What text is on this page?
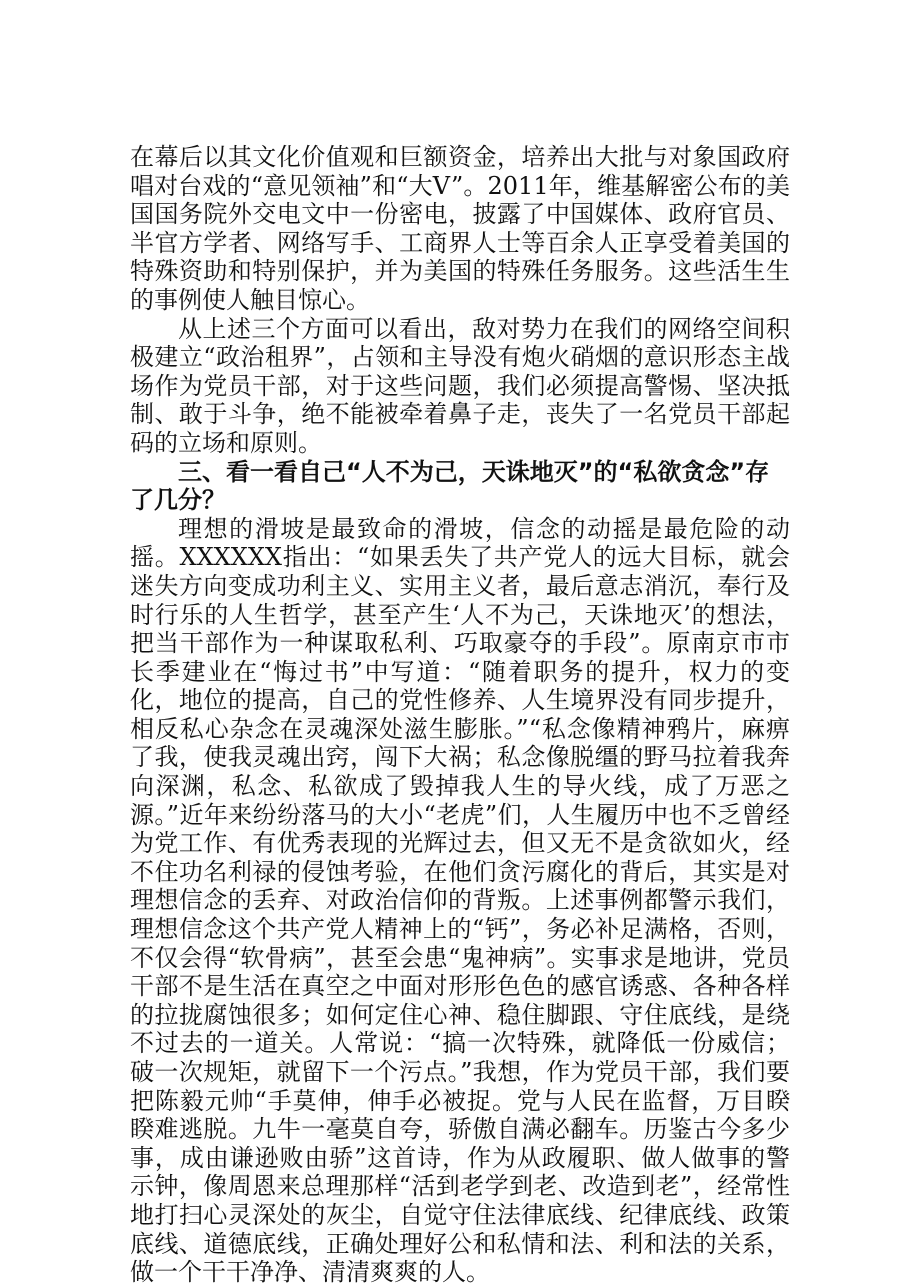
在幕后以其文化价值观和巨额资金，培养出大批与对象国政府唱对台戏的“意见领袖”和“大V”。2011年，维基解密公布的美国国务院外交电文中一份密电，披露了中国媒体、政府官员、半官方学者、网络写手、工商界人士等百余人正享受着美国的特殊资助和特别保护，并为美国的特殊任务服务。这些活生生的事例使人触目惊心。

从上述三个方面可以看出，敌对势力在我们的网络空间积极建立“政治租界”，占领和主导没有炮火硝烟的意识形态主战场作为党员干部，对于这些问题，我们必须提高警惕、坚决抵制、敢于斗争，绝不能被牵着鼻子走，丧失了一名党员干部起码的立场和原则。

三、看一看自己“人不为己，天诛地灭”的“私欲贪念”存了几分？

理想的滑坡是最致命的滑坡，信念的动摇是最危险的动摇。XXXXXX指出：“如果丢失了共产党人的远大目标，就会迷失方向变成功利主义、实用主义者，最后意志消沉，奉行及时行乐的人生哲学，甚至产生‘人不为己，天诛地灭’的想法，把当干部作为一种谋取私利、巧取豪夺的手段”。原南京市市长季建业在“悔过书”中写道：“随着职务的提升，权力的变化，地位的提高，自己的党性修养、人生境界没有同步提升，相反私心杂念在灵魂深处滋生膨胀。”“私念像精神鸦片，麻痹了我，使我灵魂出窍，闯下大祸；私念像脱缰的野马拉着我奔向深渊，私念、私欲成了毁掉我人生的导火线，成了万恶之源。”近年来纷纷落马的大小“老虎”们，人生履历中也不乏曾经为党工作、有优秀表现的光辉过去，但又无不是贪欲如火，经不住功名利禄的侵蚀考验，在他们贪污腐化的背后，其实是对理想信念的丢弃、对政治信仰的背叛。上述事例都警示我们，理想信念这个共产党人精神上的“钙”，务必补足满格，否则，不仅会得“软骨病”，甚至会患“鬼神病”。实事求是地讲，党员干部不是生活在真空之中面对形形色色的感官诱惑、各种各样的拉拢腐蚀很多；如何定住心神、稳住脚跟、守住底线，是绕不过去的一道关。人常说：“搞一次特殊，就降低一份威信；破一次规矩，就留下一个污点。”我想，作为党员干部，我们要把陈毅元帅“手莫伸，伸手必被捉。党与人民在监督，万目睽睽难逃脱。九牛一毫莫自夸，骄傲自满必翻车。历鉴古今多少事，成由谦逊败由骄”这首诗，作为从政履职、做人做事的警示钟，像周恩来总理那样“活到老学到老、改造到老”，经常性地打扫心灵深处的灰尘，自觉守住法律底线、纪律底线、政策底线、道德底线，正确处理好公和私情和法、利和法的关系，做一个干干净净、清清爽爽的人。
